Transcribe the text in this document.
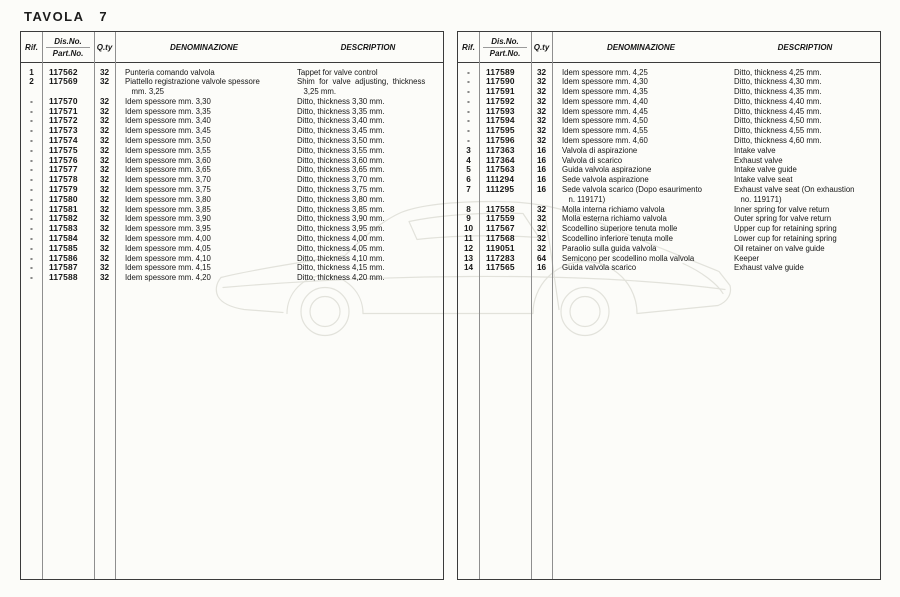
TAVOLA   7
Rif.
Dis.No.
Part.No.
Q.ty	DENOMINAZIONE	DESCRIPTION
1	117562	32	Punteria comando valvola	Tappet for valve control
2	117569	32	Piattello registrazione valvole spessore	Shim  for  valve  adjusting,  thickness
mm. 3,25	3,25 mm.
-	117570	32	Idem spessore mm. 3,30	Ditto, thickness 3,30 mm.
-	117571	32	Idem spessore mm. 3,35	Ditto, thickness 3,35 mm.
-	117572	32	Idem spessore mm. 3,40	Ditto, thickness 3,40 mm.
-	117573	32	Idem spessore mm. 3,45	Ditto, thickness 3,45 mm.
-	117574	32	Idem spessore mm. 3,50	Ditto, thickness 3,50 mm.
-	117575	32	Idem spessore mm. 3,55	Ditto, thickness 3,55 mm.
-	117576	32	Idem spessore mm. 3,60	Ditto, thickness 3,60 mm.
-	117577	32	Idem spessore mm. 3,65	Ditto, thickness 3,65 mm.
-	117578	32	Idem spessore mm. 3,70	Ditto, thickness 3,70 mm.
-	117579	32	Idem spessore mm. 3,75	Ditto, thickness 3,75 mm.
-	117580	32	Idem spessore mm. 3,80	Ditto, thickness 3,80 mm.
-	117581	32	Idem spessore mm. 3,85	Ditto, thickness 3,85 mm.
-	117582	32	Idem spessore mm. 3,90	Ditto, thickness 3,90 mm.
-	117583	32	Idem spessore mm. 3,95	Ditto, thickness 3,95 mm.
-	117584	32	Idem spessore mm. 4,00	Ditto, thickness 4,00 mm.
-	117585	32	Idem spessore mm. 4,05	Ditto, thickness 4,05 mm.
-	117586	32	Idem spessore mm. 4,10	Ditto, thickness 4,10 mm.
-	117587	32	Idem spessore mm. 4,15	Ditto, thickness 4,15 mm.
-	117588	32	Idem spessore mm. 4,20	Ditto, thickness 4,20 mm.
Rif.
Dis.No.
Part.No.
Q.ty	DENOMINAZIONE	DESCRIPTION
-	117589	32	Idem spessore mm. 4,25	Ditto, thickness 4,25 mm.
-	117590	32	Idem spessore mm. 4,30	Ditto, thickness 4,30 mm.
-	117591	32	Idem spessore mm. 4,35	Ditto, thickness 4,35 mm.
-	117592	32	Idem spessore mm. 4,40	Ditto, thickness 4,40 mm.
-	117593	32	Idem spessore mm. 4,45	Ditto, thickness 4,45 mm.
-	117594	32	Idem spessore mm. 4,50	Ditto, thickness 4,50 mm.
-	117595	32	Idem spessore mm. 4,55	Ditto, thickness 4,55 mm.
-	117596	32	Idem spessore mm. 4,60	Ditto, thickness 4,60 mm.
3	117363	16	Valvola di aspirazione	Intake valve
4	117364	16	Valvola di scarico	Exhaust valve
5	117563	16	Guida valvola aspirazione	Intake valve guide
6	111294	16	Sede valvola aspirazione	Intake valve seat
7	111295	16	Sede valvola scarico (Dopo esaurimento	Exhaust valve seat (On exhaustion
n. 119171)	no. 119171)
8	117558	32	Molla interna richiamo valvola	Inner spring for valve return
9	117559	32	Molla esterna richiamo valvola	Outer spring for valve return
10	117567	32	Scodellino superiore tenuta molle	Upper cup for retaining spring
11	117568	32	Scodellino inferiore tenuta molle	Lower cup for retaining spring
12	119051	32	Paraolio sulla guida valvola	Oil retainer on valve guide
13	117283	64	Semicono per scodellino molla valvola	Keeper
14	117565	16	Guida valvola scarico	Exhaust valve guide
